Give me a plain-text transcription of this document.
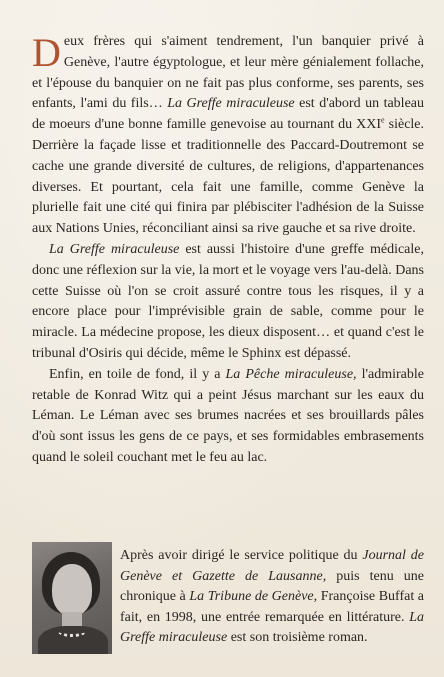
Deux frères qui s'aiment tendrement, l'un banquier privé à Genève, l'autre égyptologue, et leur mère génialement follache, et l'épouse du banquier on ne fait pas plus conforme, ses parents, ses enfants, l'ami du fils… La Greffe miraculeuse est d'abord un tableau de moeurs d'une bonne famille genevoise au tournant du XXIe siècle. Derrière la façade lisse et traditionnelle des Paccard-Doutremont se cache une grande diversité de cultures, de religions, d'appartenances diverses. Et pourtant, cela fait une famille, comme Genève la plurielle fait une cité qui finira par plébisciter l'adhésion de la Suisse aux Nations Unies, réconciliant ainsi sa rive gauche et sa rive droite.

La Greffe miraculeuse est aussi l'histoire d'une greffe médicale, donc une réflexion sur la vie, la mort et le voyage vers l'au-delà. Dans cette Suisse où l'on se croit assuré contre tous les risques, il y a encore place pour l'imprévisible grain de sable, comme pour le miracle. La médecine propose, les dieux disposent… et quand c'est le tribunal d'Osiris qui décide, même le Sphinx est dépassé.

Enfin, en toile de fond, il y a La Pêche miraculeuse, l'admirable retable de Konrad Witz qui a peint Jésus marchant sur les eaux du Léman. Le Léman avec ses brumes nacrées et ses brouillards pâles d'où sont issus les gens de ce pays, et ses formidables embrasements quand le soleil couchant met le feu au lac.

Après avoir dirigé le service politique du Journal de Genève et Gazette de Lausanne, puis tenu une chronique à La Tribune de Genève, Françoise Buffat a fait, en 1998, une entrée remarquée en littérature. La Greffe miraculeuse est son troisième roman.
